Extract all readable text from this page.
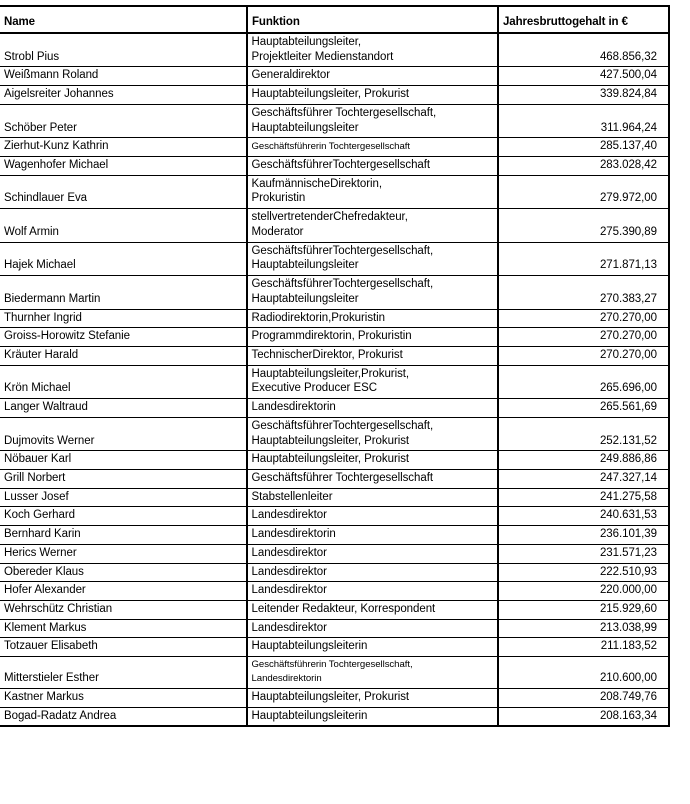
Name	Funktion	Jahresbruttogehalt in €
Strobl Pius	Hauptabteilungsleiter,
Projektleiter Medienstandort	468.856,32
Weißmann Roland	Generaldirektor	427.500,04
Aigelsreiter Johannes	Hauptabteilungsleiter, Prokurist	339.824,84
Schöber Peter	Geschäftsführer Tochtergesellschaft,
Hauptabteilungsleiter	311.964,24
Zierhut-Kunz Kathrin	Geschäftsführerin Tochtergesellschaft	285.137,40
Wagenhofer Michael	GeschäftsführerTochtergesellschaft	283.028,42
Schindlauer Eva	KaufmännischeDirektorin,
Prokuristin	279.972,00
Wolf Armin	stellvertretenderChefredakteur,
Moderator	275.390,89
Hajek Michael	GeschäftsführerTochtergesellschaft,
Hauptabteilungsleiter	271.871,13
Biedermann Martin	GeschäftsführerTochtergesellschaft,
Hauptabteilungsleiter	270.383,27
Thurnher Ingrid	Radiodirektorin,Prokuristin	270.270,00
Groiss-Horowitz Stefanie	Programmdirektorin, Prokuristin	270.270,00
Kräuter Harald	TechnischerDirektor, Prokurist	270.270,00
Krön Michael	Hauptabteilungsleiter,Prokurist,
Executive Producer ESC	265.696,00
Langer Waltraud	Landesdirektorin	265.561,69
Dujmovits Werner	GeschäftsführerTochtergesellschaft,
Hauptabteilungsleiter, Prokurist	252.131,52
Nöbauer Karl	Hauptabteilungsleiter, Prokurist	249.886,86
Grill Norbert	Geschäftsführer Tochtergesellschaft	247.327,14
Lusser Josef	Stabstellenleiter	241.275,58
Koch Gerhard	Landesdirektor	240.631,53
Bernhard Karin	Landesdirektorin	236.101,39
Herics Werner	Landesdirektor	231.571,23
Obereder Klaus	Landesdirektor	222.510,93
Hofer Alexander	Landesdirektor	220.000,00
Wehrschütz Christian	Leitender Redakteur, Korrespondent	215.929,60
Klement Markus	Landesdirektor	213.038,99
Totzauer Elisabeth	Hauptabteilungsleiterin	211.183,52
Mitterstieler Esther	Geschäftsführerin Tochtergesellschaft,
Landesdirektorin	210.600,00
Kastner Markus	Hauptabteilungsleiter, Prokurist	208.749,76
Bogad-Radatz Andrea	Hauptabteilungsleiterin	208.163,34
